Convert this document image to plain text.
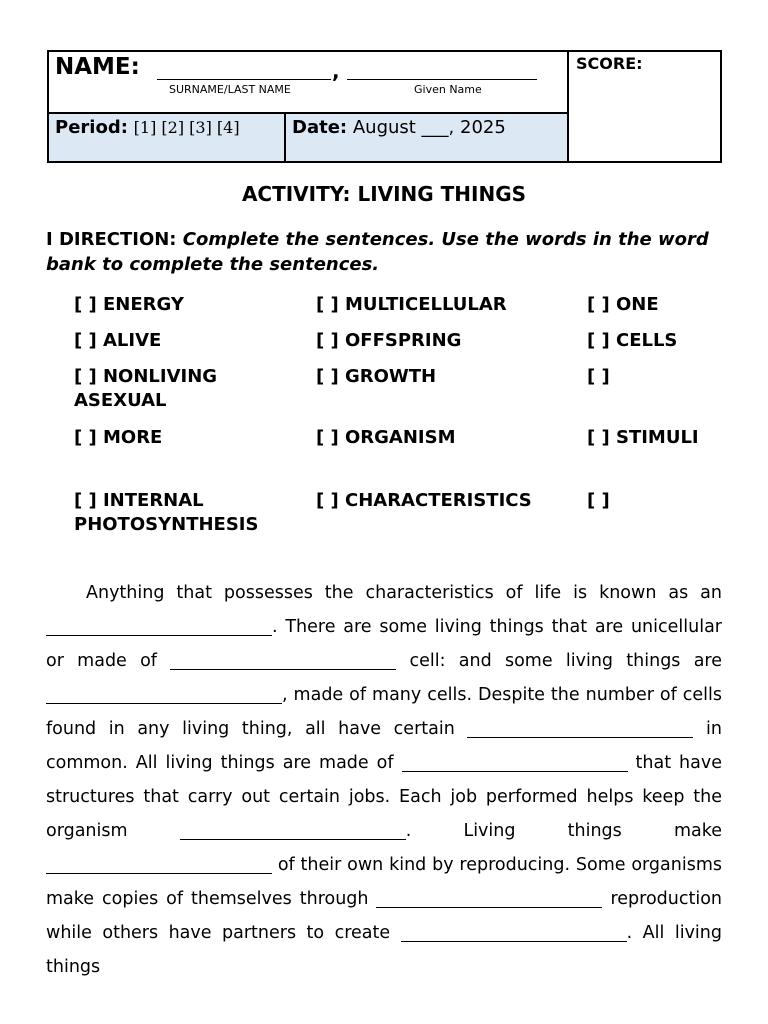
NAME:	,
SURNAME/LAST NAME	Given Name
SCORE:
Period: [1] [2] [3] [4]	Date: August ___, 2025
ACTIVITY: LIVING THINGS
I DIRECTION: Complete the sentences. Use the words in the word bank to complete the sentences.
[ ] ENERGY	[ ] MULTICELLULAR	[ ] ONE
[ ] ALIVE	[ ] OFFSPRING	[ ] CELLS
[ ] NONLIVING	[ ] GROWTH	[ ]
ASEXUAL
[ ] MORE	[ ] ORGANISM	[ ] STIMULI
[ ] INTERNAL	[ ] CHARACTERISTICS	[ ]
PHOTOSYNTHESIS

Anything that possesses the characteristics of life is known as an . There are some living things that are unicellular or made of	cell: and some living things are , made of many cells. Despite the number of cells found in any living thing, all have certain	in common. All living things are made of	that have structures that carry out certain jobs. Each job performed helps keep the organism	. Living things make  of their own kind by reproducing. Some organisms make copies of themselves through	reproduction while others have partners to create	. All living things
